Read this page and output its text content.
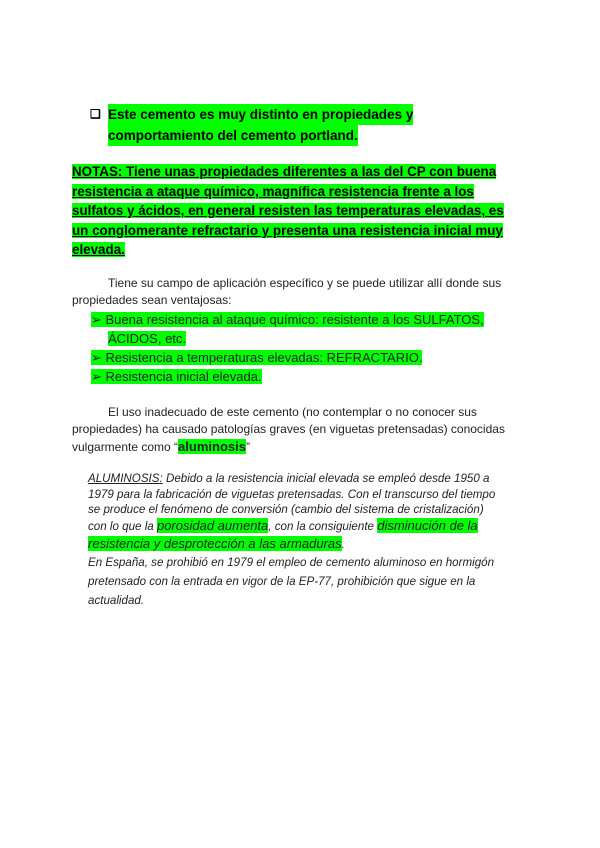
❑ Este cemento es muy distinto en propiedades y
comportamiento del cemento portland.
NOTAS: Tiene unas propiedades diferentes a las del CP con buena
resistencia a ataque químico, magnífica resistencia frente a los
sulfatos y ácidos, en general resisten las temperaturas elevadas, es
un conglomerante refractario y presenta una resistencia inicial muy
elevada.
Tiene su campo de aplicación específico y se puede utilizar allí donde sus
propiedades sean ventajosas:
➢ Buena resistencia al ataque químico: resistente a los SULFATOS,
ÁCIDOS, etc.
➢ Resistencia a temperaturas elevadas: REFRACTARIO.
➢ Resistencia inicial elevada.
El uso inadecuado de este cemento (no contemplar o no conocer sus
propiedades) ha causado patologías graves (en viguetas pretensadas) conocidas
vulgarmente como “aluminosis”
ALUMINOSIS: Debido a la resistencia inicial elevada se empleó desde 1950 a
1979 para la fabricación de viguetas pretensadas. Con el transcurso del tiempo
se produce el fenómeno de conversión (cambio del sistema de cristalización)
con lo que la porosidad aumenta, con la consiguiente disminución de la
resistencia y desprotección a las armaduras.
En España, se prohibió en 1979 el empleo de cemento aluminoso en hormigón
pretensado con la entrada en vigor de la EP-77, prohibición que sigue en la
actualidad.
